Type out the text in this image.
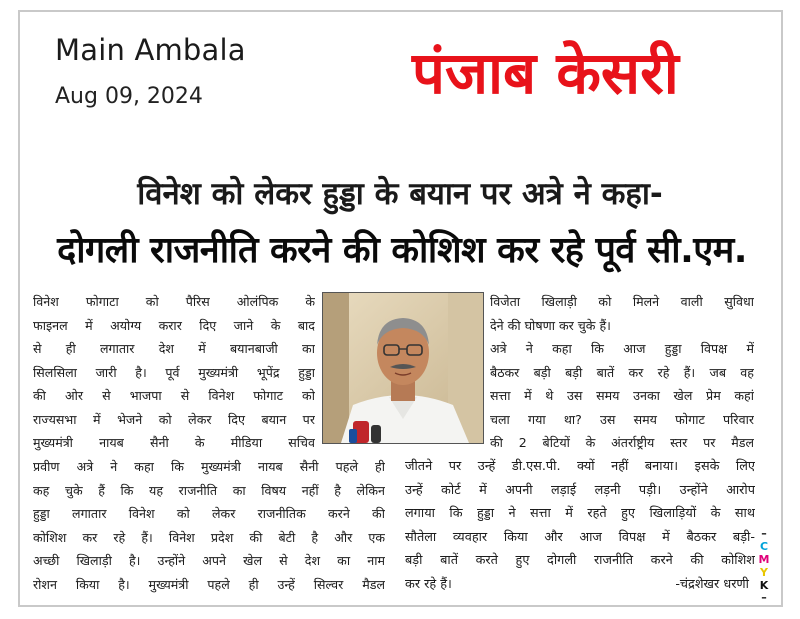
Main Ambala
Aug 09, 2024	पंजाब केसरी
विनेश को लेकर हुड्डा के बयान पर अत्रे ने कहा-
दोगली राजनीति करने की कोशिश कर रहे पूर्व सी.एम.
विनेश फोगाटा को पैरिस ओलंपिक के
फाइनल में अयोग्य करार दिए जाने के बाद
से ही लगातार देश में बयानबाजी का
सिलसिला जारी है। पूर्व मुख्यमंत्री भूपेंद्र हुड्डा
की ओर से भाजपा से विनेश फोगाट को
राज्यसभा में भेजने को लेकर दिए बयान पर
मुख्यमंत्री नायब सैनी के मीडिया सचिव
प्रवीण अत्रे ने कहा कि मुख्यमंत्री नायब सैनी पहले ही
कह चुके हैं कि यह राजनीति का विषय नहीं है लेकिन
हुड्डा लगातार विनेश को लेकर राजनीतिक करने की
कोशिश कर रहे हैं। विनेश प्रदेश की बेटी है और एक
अच्छी खिलाड़ी है। उन्होंने अपने खेल से देश का नाम
रोशन किया है। मुख्यमंत्री पहले ही उन्हें सिल्वर मैडल
विजेता खिलाड़ी को मिलने वाली सुविधा
देने की घोषणा कर चुके हैं।
अत्रे ने कहा कि आज हुड्डा विपक्ष में
बैठकर बड़ी बड़ी बातें कर रहे हैं। जब वह
सत्ता में थे उस समय उनका खेल प्रेम कहां
चला गया था? उस समय फोगाट परिवार
की 2 बेटियों के अंतर्राष्ट्रीय स्तर पर मैडल
जीतने पर उन्हें डी.एस.पी. क्यों नहीं बनाया। इसके लिए
उन्हें कोर्ट में अपनी लड़ाई लड़नी पड़ी। उन्होंने आरोप
लगाया कि हुड्डा ने सत्ता में रहते हुए खिलाड़ियों के साथ
सौतेला व्यवहार किया और आज विपक्ष में बैठकर बड़ी-
बड़ी बातें करते हुए दोगली राजनीति करने की कोशिश
कर रहे हैं।	-चंद्रशेखर धरणी
–
C
M
Y
K
–
